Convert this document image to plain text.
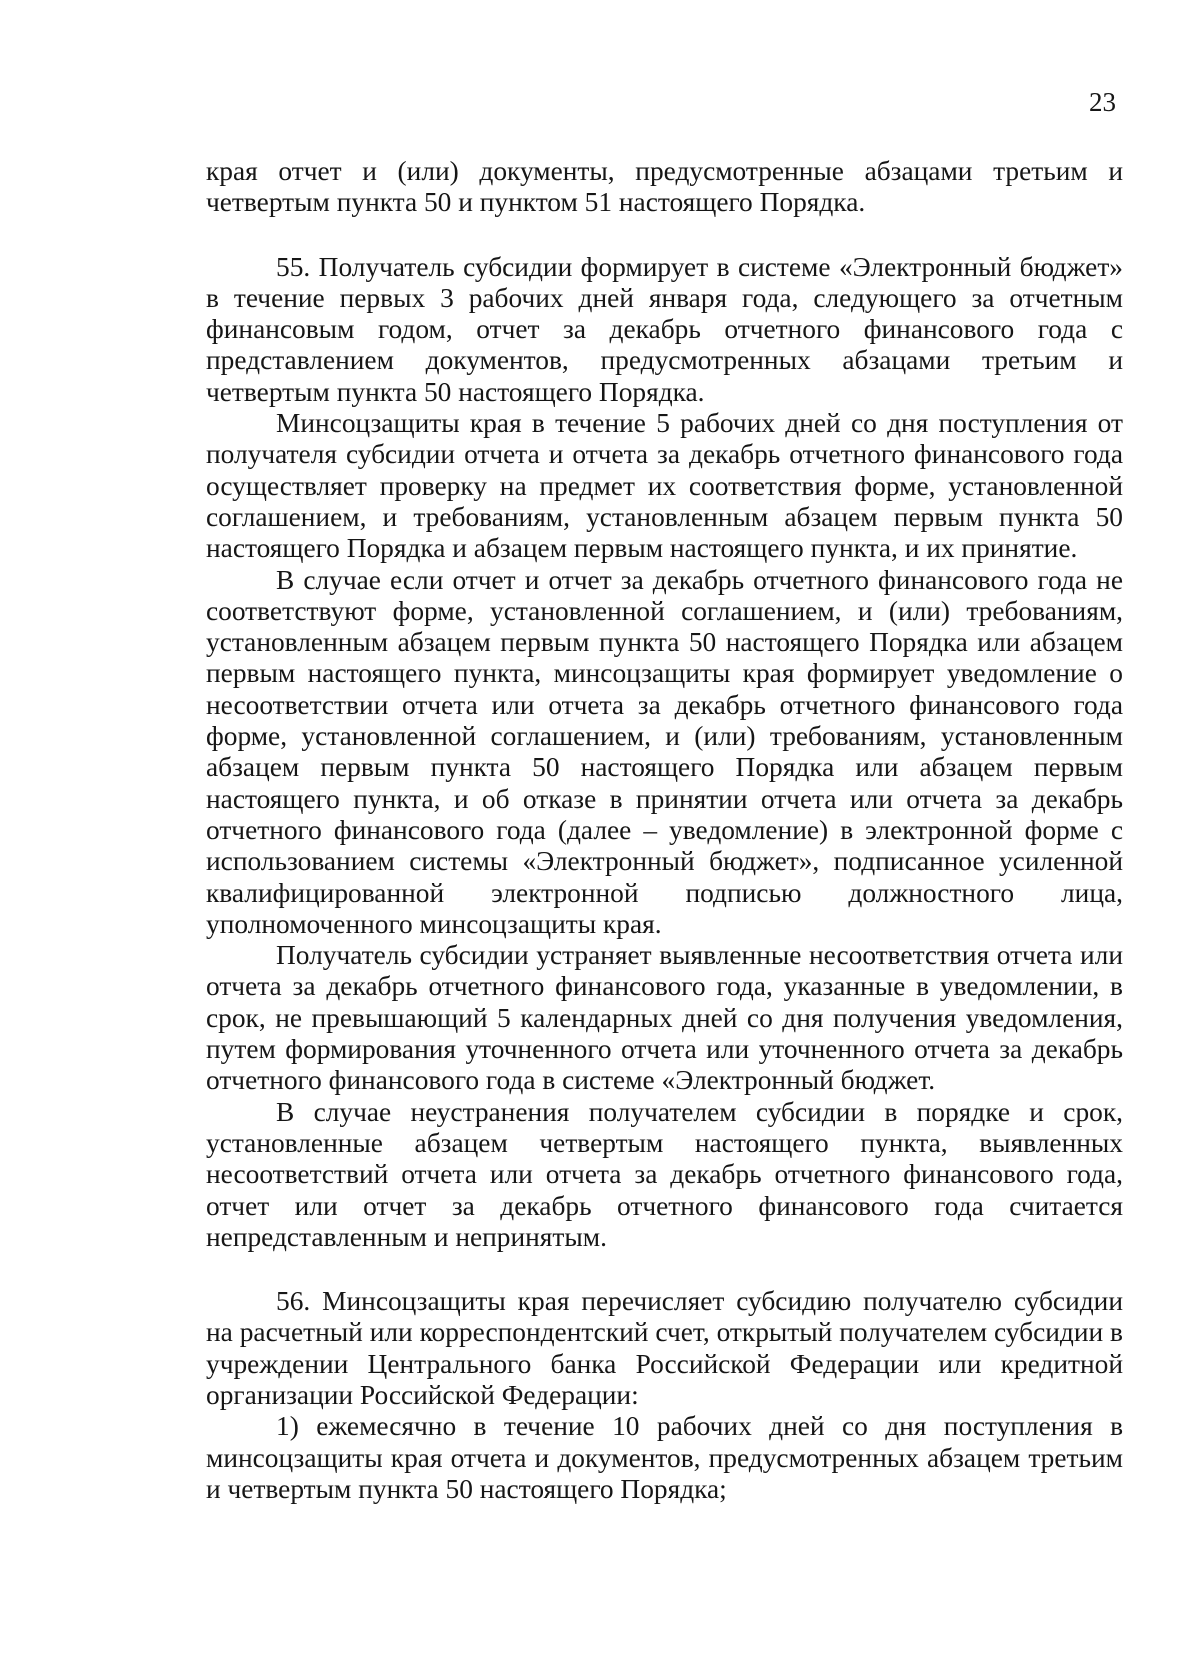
23

края отчет и (или) документы, предусмотренные абзацами третьим и четвертым пункта 50 и пунктом 51 настоящего Порядка.

55. Получатель субсидии формирует в системе «Электронный бюджет» в течение первых 3 рабочих дней января года, следующего за отчетным финансовым годом, отчет за декабрь отчетного финансового года с представлением документов, предусмотренных абзацами третьим и четвертым пункта 50 настоящего Порядка.

Минсоцзащиты края в течение 5 рабочих дней со дня поступления от получателя субсидии отчета и отчета за декабрь отчетного финансового года осуществляет проверку на предмет их соответствия форме, установленной соглашением, и требованиям, установленным абзацем первым пункта 50 настоящего Порядка и абзацем первым настоящего пункта, и их принятие.

В случае если отчет и отчет за декабрь отчетного финансового года не соответствуют форме, установленной соглашением, и (или) требованиям, установленным абзацем первым пункта 50 настоящего Порядка или абзацем первым настоящего пункта, минсоцзащиты края формирует уведомление о несоответствии отчета или отчета за декабрь отчетного финансового года форме, установленной соглашением, и (или) требованиям, установленным абзацем первым пункта 50 настоящего Порядка или абзацем первым настоящего пункта, и об отказе в принятии отчета или отчета за декабрь отчетного финансового года (далее – уведомление) в электронной форме с использованием системы «Электронный бюджет», подписанное усиленной квалифицированной электронной подписью должностного лица, уполномоченного минсоцзащиты края.

Получатель субсидии устраняет выявленные несоответствия отчета или отчета за декабрь отчетного финансового года, указанные в уведомлении, в срок, не превышающий 5 календарных дней со дня получения уведомления, путем формирования уточненного отчета или уточненного отчета за декабрь отчетного финансового года в системе «Электронный бюджет.

В случае неустранения получателем субсидии в порядке и срок, установленные абзацем четвертым настоящего пункта, выявленных несоответствий отчета или отчета за декабрь отчетного финансового года, отчет или отчет за декабрь отчетного финансового года считается непредставленным и непринятым.

56. Минсоцзащиты края перечисляет субсидию получателю субсидии на расчетный или корреспондентский счет, открытый получателем субсидии в учреждении Центрального банка Российской Федерации или кредитной организации Российской Федерации:

1) ежемесячно в течение 10 рабочих дней со дня поступления в минсоцзащиты края отчета и документов, предусмотренных абзацем третьим и четвертым пункта 50 настоящего Порядка;
